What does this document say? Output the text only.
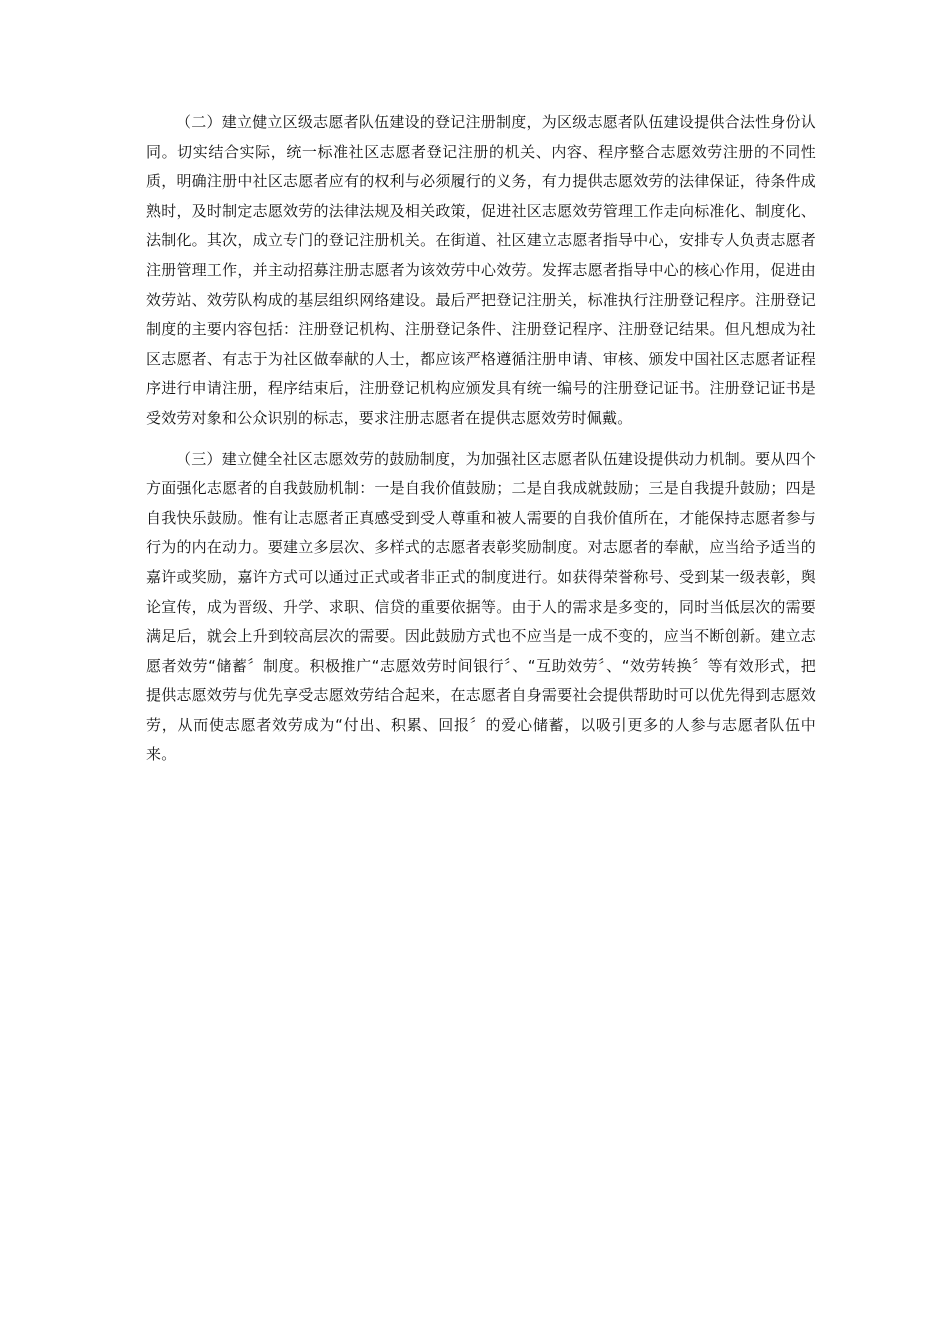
（二）建立健立区级志愿者队伍建设的登记注册制度，为区级志愿者队伍建设提供合法性身份认同。切实结合实际，统一标准社区志愿者登记注册的机关、内容、程序整合志愿效劳注册的不同性质，明确注册中社区志愿者应有的权利与必须履行的义务，有力提供志愿效劳的法律保证，待条件成熟时，及时制定志愿效劳的法律法规及相关政策，促进社区志愿效劳管理工作走向标准化、制度化、法制化。其次，成立专门的登记注册机关。在街道、社区建立志愿者指导中心，安排专人负责志愿者注册管理工作，并主动招募注册志愿者为该效劳中心效劳。发挥志愿者指导中心的核心作用，促进由效劳站、效劳队构成的基层组织网络建设。最后严把登记注册关，标准执行注册登记程序。注册登记制度的主要内容包括：注册登记机构、注册登记条件、注册登记程序、注册登记结果。但凡想成为社区志愿者、有志于为社区做奉献的人士，都应该严格遵循注册申请、审核、颁发中国社区志愿者证程序进行申请注册，程序结束后，注册登记机构应颁发具有统一编号的注册登记证书。注册登记证书是受效劳对象和公众识别的标志，要求注册志愿者在提供志愿效劳时佩戴。

（三）建立健全社区志愿效劳的鼓励制度，为加强社区志愿者队伍建设提供动力机制。要从四个方面强化志愿者的自我鼓励机制：一是自我价值鼓励；二是自我成就鼓励；三是自我提升鼓励；四是自我快乐鼓励。惟有让志愿者正真感受到受人尊重和被人需要的自我价值所在，才能保持志愿者参与行为的内在动力。要建立多层次、多样式的志愿者表彰奖励制度。对志愿者的奉献，应当给予适当的嘉许或奖励，嘉许方式可以通过正式或者非正式的制度进行。如获得荣誉称号、受到某一级表彰，舆论宣传，成为晋级、升学、求职、信贷的重要依据等。由于人的需求是多变的，同时当低层次的需要满足后，就会上升到较高层次的需要。因此鼓励方式也不应当是一成不变的，应当不断创新。建立志愿者效劳“储蓄〞制度。积极推广“志愿效劳时间银行〞、“互助效劳〞、“效劳转换〞等有效形式，把提供志愿效劳与优先享受志愿效劳结合起来，在志愿者自身需要社会提供帮助时可以优先得到志愿效劳，从而使志愿者效劳成为“付出、积累、回报〞的爱心储蓄，以吸引更多的人参与志愿者队伍中来。
